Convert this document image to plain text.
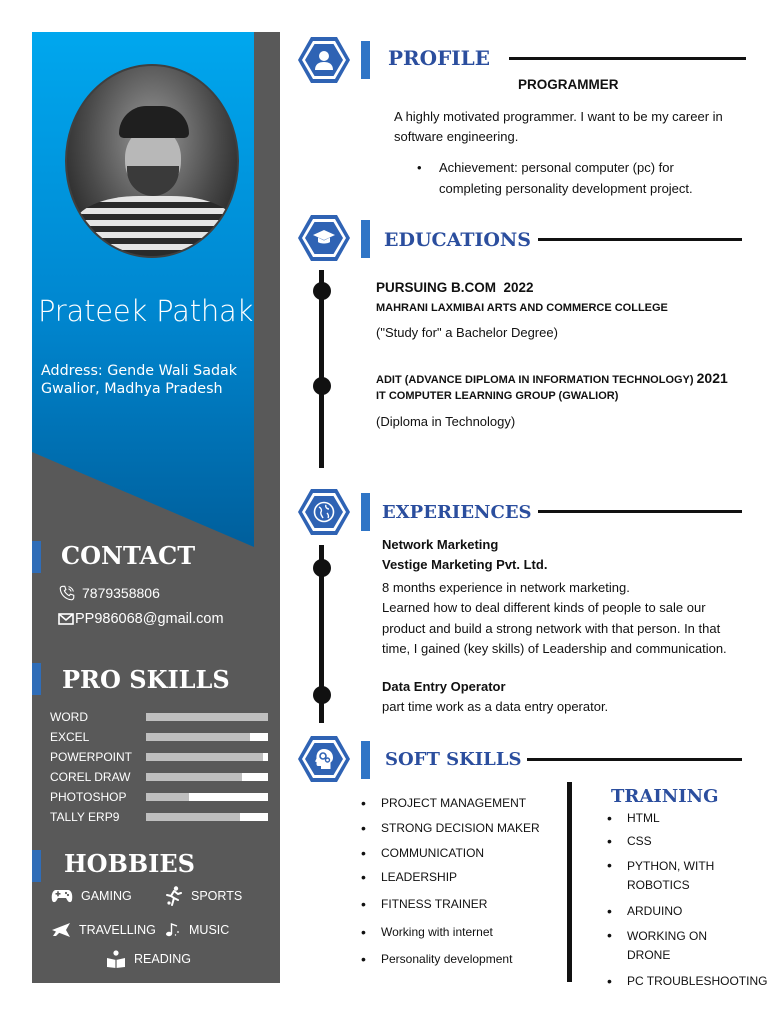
Prateek Pathak
Address: Gende Wali Sadak
Gwalior, Madhya Pradesh
CONTACT
7879358806
PP986068@gmail.com
PRO SKILLS
HOBBIES
GAMING	SPORTS
TRAVELLING	MUSIC
READING
WORD
EXCEL
POWERPOINT
COREL DRAW
PHOTOSHOP
TALLY ERP9
PROFILE
PROGRAMMER
A highly motivated programmer. I want to be my career in
software engineering.
• Achievement: personal computer (pc) for
completing personality development project.
EDUCATIONS
PURSUING B.COM 2022
MAHRANI LAXMIBAI ARTS AND COMMERCE COLLEGE
("Study for" a Bachelor Degree)
ADIT (ADVANCE DIPLOMA IN INFORMATION TECHNOLOGY) 2021
IT COMPUTER LEARNING GROUP (GWALIOR)
(Diploma in Technology)
EXPERIENCES
Network Marketing
Vestige Marketing Pvt. Ltd.
8 months experience in network marketing.
Learned how to deal different kinds of people to sale our
product and build a strong network with that person. In that
time, I gained (key skills) of Leadership and communication.
Data Entry Operator
part time work as a data entry operator.
SOFT SKILLS
• PROJECT MANAGEMENT
• STRONG DECISION MAKER
• COMMUNICATION
• LEADERSHIP
• FITNESS TRAINER
• Working with internet
• Personality development
TRAINING
• HTML
• CSS
• PYTHON, WITH
ROBOTICS
• ARDUINO
• WORKING ON
DRONE
• PC TROUBLESHOOTING
